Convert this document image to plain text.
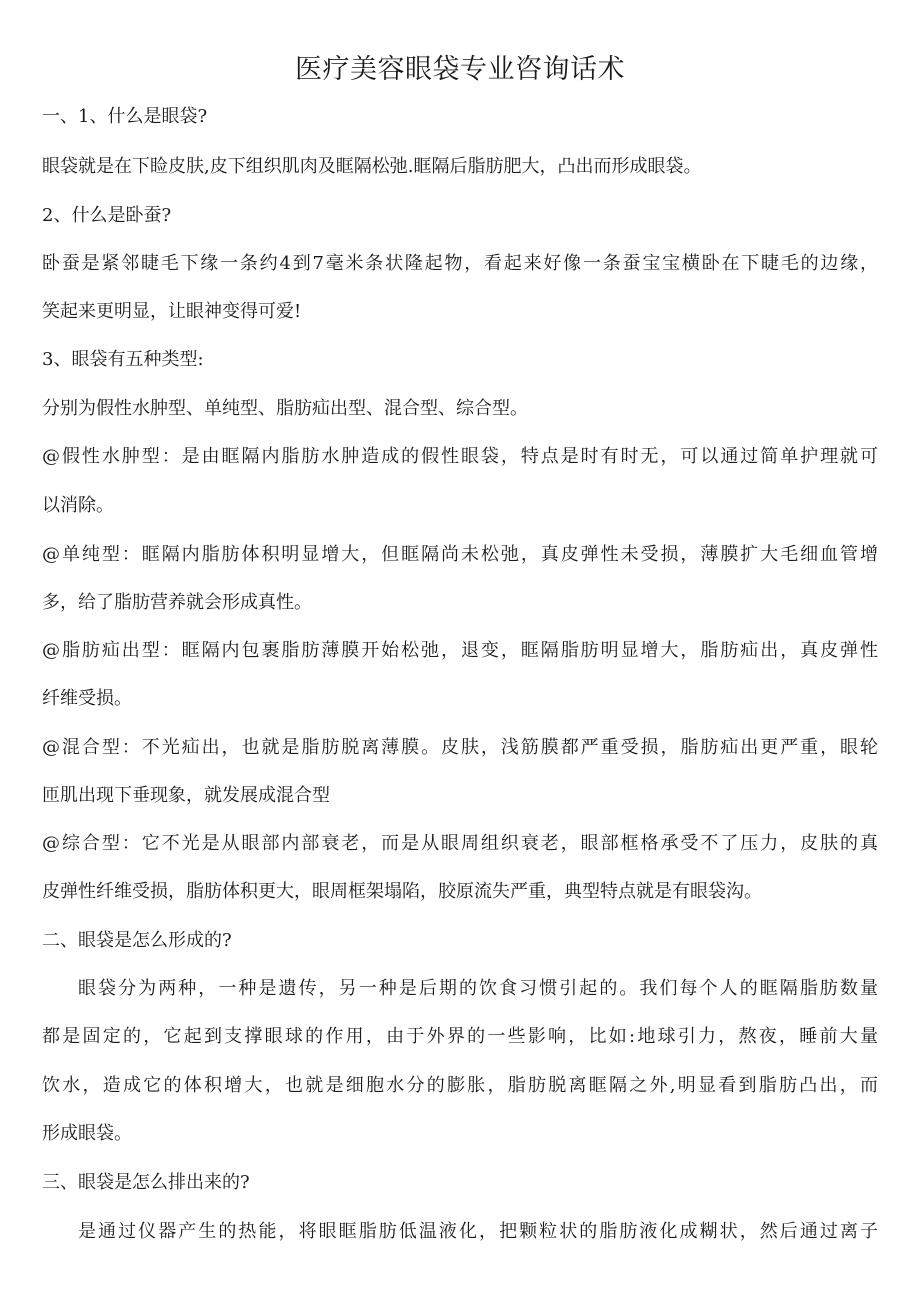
医疗美容眼袋专业咨询话术
一、1、什么是眼袋?
眼袋就是在下睑皮肤,皮下组织肌肉及眶隔松弛.眶隔后脂肪肥大，凸出而形成眼袋。
2、什么是卧蚕?
卧蚕是紧邻睫毛下缘一条约4到7毫米条状隆起物，看起来好像一条蚕宝宝横卧在下睫毛的边缘，
笑起来更明显，让眼神变得可爱!
3、眼袋有五种类型:
分别为假性水肿型、单纯型、脂肪疝出型、混合型、综合型。
@假性水肿型：是由眶隔内脂肪水肿造成的假性眼袋，特点是时有时无，可以通过简单护理就可
以消除。
@单纯型：眶隔内脂肪体积明显增大，但眶隔尚未松弛，真皮弹性未受损，薄膜扩大毛细血管增
多，给了脂肪营养就会形成真性。
@脂肪疝出型：眶隔内包裹脂肪薄膜开始松弛，退变，眶隔脂肪明显增大，脂肪疝出，真皮弹性
纤维受损。
@混合型：不光疝出，也就是脂肪脱离薄膜。皮肤，浅筋膜都严重受损，脂肪疝出更严重，眼轮
匝肌出现下垂现象，就发展成混合型
@综合型：它不光是从眼部内部衰老，而是从眼周组织衰老，眼部框格承受不了压力，皮肤的真
皮弹性纤维受损，脂肪体积更大，眼周框架塌陷，胶原流失严重，典型特点就是有眼袋沟。
二、眼袋是怎么形成的?
眼袋分为两种，一种是遗传，另一种是后期的饮食习惯引起的。我们每个人的眶隔脂肪数量
都是固定的，它起到支撑眼球的作用，由于外界的一些影响，比如:地球引力，熬夜，睡前大量
饮水，造成它的体积增大，也就是细胞水分的膨胀，脂肪脱离眶隔之外,明显看到脂肪凸出，而
形成眼袋。
三、眼袋是怎么排出来的?
是通过仪器产生的热能，将眼眶脂肪低温液化，把颗粒状的脂肪液化成糊状，然后通过离子
